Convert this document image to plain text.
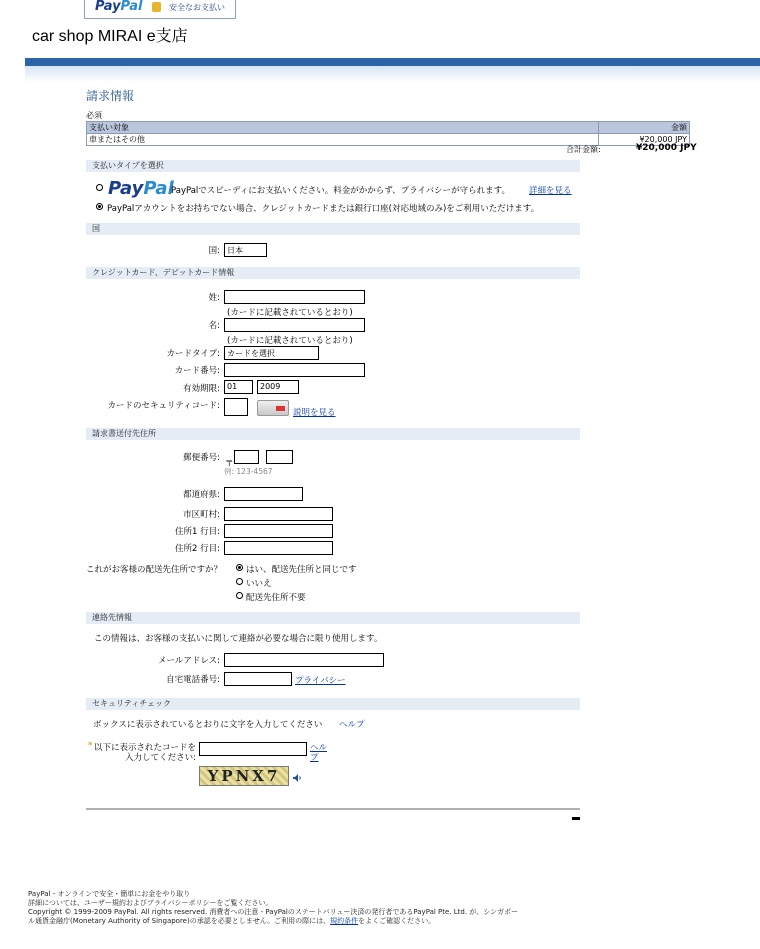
PayPal	安全なお支払い
car shop MIRAI e支店
請求情報
必須
支払い対象	金額
車またはその他	¥20,000 JPY
合計金額:	¥20,000 JPY
支払いタイプを選択
PayPal
PayPalでスピーディにお支払いください。料金がかからず、プライバシーが守られます。 詳細を見る
PayPalアカウントをお持ちでない場合、クレジットカードまたは銀行口座(対応地域のみ)をご利用いただけます。
国
国: 日本
クレジットカード、デビットカード情報
姓:
(カードに記載されているとおり)
名:
(カードに記載されているとおり)
カードタイプ: カードを選択
カード番号:
有効期限: 01	2009
カードのセキュリティコード:
説明を見る
請求書送付先住所
郵便番号:
〒
例: 123-4567
都道府県:
市区町村:
住所1 行目:
住所2 行目:
これがお客様の配送先住所ですか？	はい、配送先住所と同じです
いいえ
配送先住所不要
連絡先情報
この情報は、お客様の支払いに関して連絡が必要な場合に限り使用します。
メールアドレス:
自宅電話番号:	プライバシー
セキュリティチェック
ボックスに表示されているとおりに文字を入力してください ヘルプ
* 以下に表示されたコードを
入力してください:
ヘル
プ
YPNX7
PayPal - オンラインで安全・簡単にお金をやり取り
詳細については、ユーザー規約およびプライバシーポリシーをご覧ください。
Copyright © 1999-2009 PayPal. All rights reserved. 消費者への注意 - PayPalのステートバリュー決済の発行者であるPayPal Pte. Ltd. が、シンガポー
ル通貨金融庁(Monetary Authority of Singapore)の承認を必要としません。ご利用の際には、規約条件をよくご確認ください。
